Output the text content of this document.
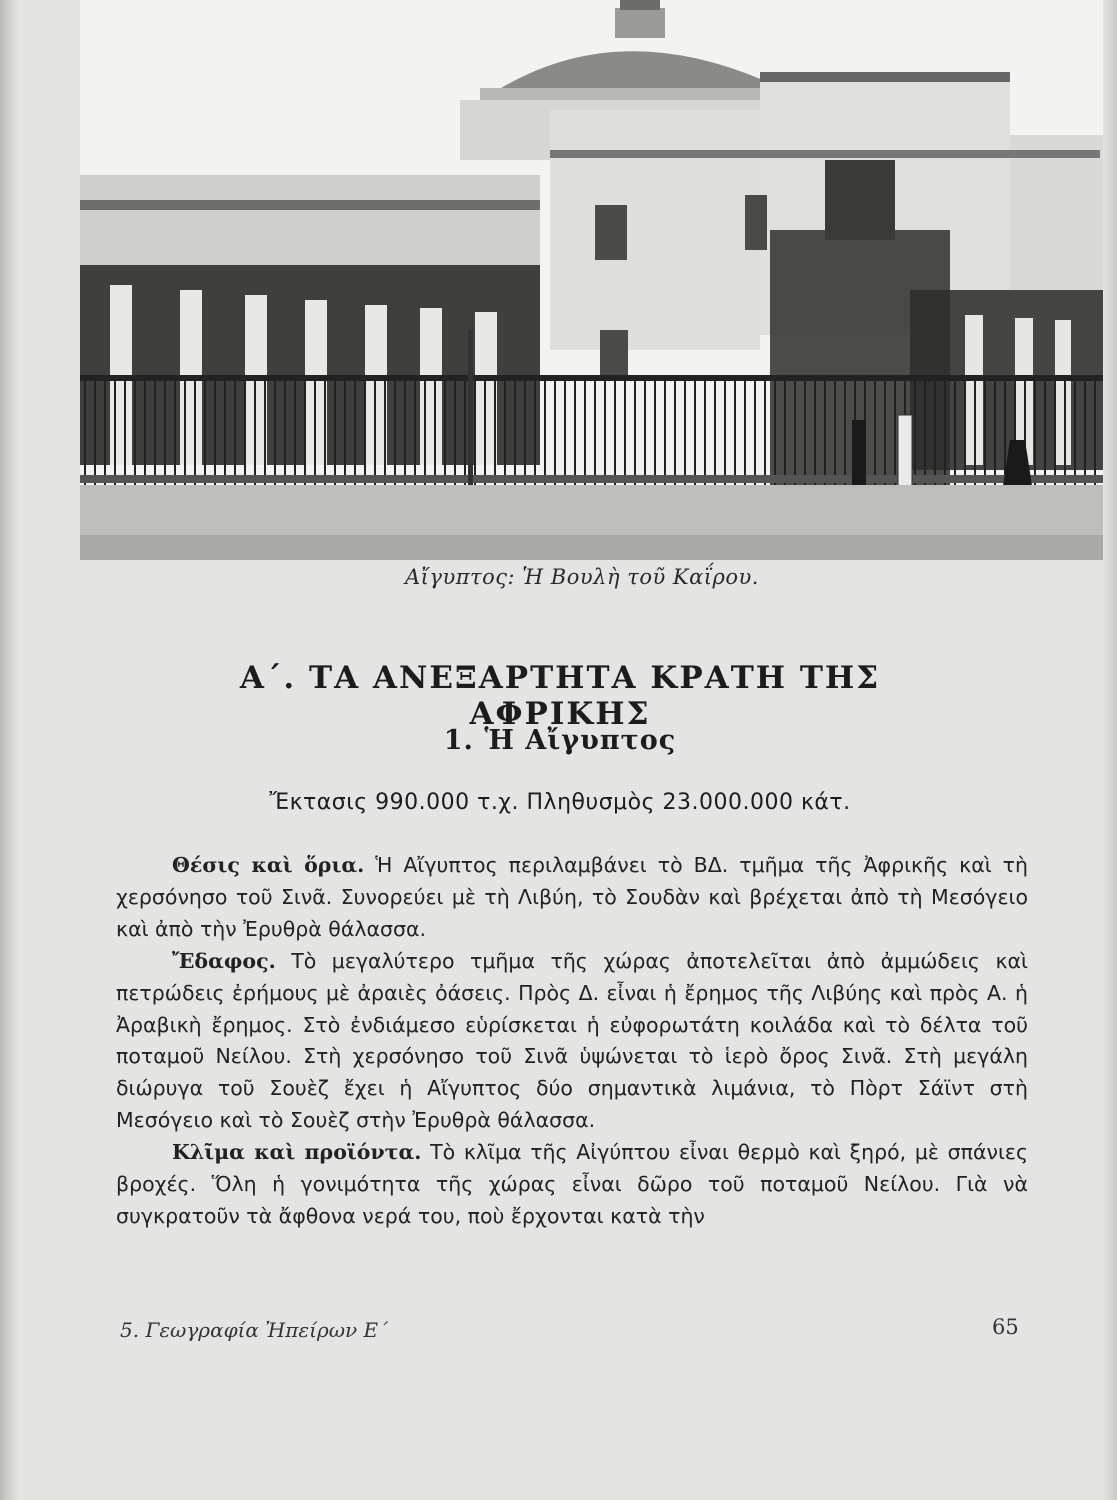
Αἴγυπτος: Ἡ Βουλὴ τοῦ Καΐρου.
Α΄. ΤΑ ΑΝΕΞΑΡΤΗΤΑ ΚΡΑΤΗ ΤΗΣ ΑΦΡΙΚΗΣ
1. Ἡ Αἴγυπτος
Ἔκτασις 990.000 τ.χ. Πληθυσμὸς 23.000.000 κάτ.

Θέσις καὶ ὅρια. Ἡ Αἴγυπτος περιλαμβάνει τὸ ΒΔ. τμῆμα τῆς Ἀφρικῆς καὶ τὴ χερσόνησο τοῦ Σινᾶ. Συνορεύει μὲ τὴ Λιβύη, τὸ Σουδὰν καὶ βρέχεται ἀπὸ τὴ Μεσόγειο καὶ ἀπὸ τὴν Ἐρυθρὰ θάλασσα.

Ἔδαφος. Τὸ μεγαλύτερο τμῆμα τῆς χώρας ἀποτελεῖται ἀπὸ ἀμμώδεις καὶ πετρώδεις ἐρήμους μὲ ἀραιὲς ὀάσεις. Πρὸς Δ. εἶναι ἡ ἔρημος τῆς Λιβύης καὶ πρὸς Α. ἡ Ἀραβικὴ ἔρημος. Στὸ ἐνδιάμεσο εὑρίσκεται ἡ εὐφορωτάτη κοιλάδα καὶ τὸ δέλτα τοῦ ποταμοῦ Νείλου. Στὴ χερσόνησο τοῦ Σινᾶ ὑψώνεται τὸ ἱερὸ ὄρος Σινᾶ. Στὴ μεγάλη διώρυγα τοῦ Σουὲζ ἔχει ἡ Αἴγυπτος δύο σημαντικὰ λιμάνια, τὸ Πὸρτ Σάϊντ στὴ Μεσόγειο καὶ τὸ Σουὲζ στὴν Ἐρυθρὰ θάλασσα.

Κλῖμα καὶ προϊόντα. Τὸ κλῖμα τῆς Αἰγύπτου εἶναι θερμὸ καὶ ξηρό, μὲ σπάνιες βροχές. Ὅλη ἡ γονιμότητα τῆς χώρας εἶναι δῶρο τοῦ ποταμοῦ Νείλου. Γιὰ νὰ συγκρατοῦν τὰ ἄφθονα νερά του, ποὺ ἔρχονται κατὰ τὴν

5. Γεωγραφία Ἠπείρων Ε΄	65
